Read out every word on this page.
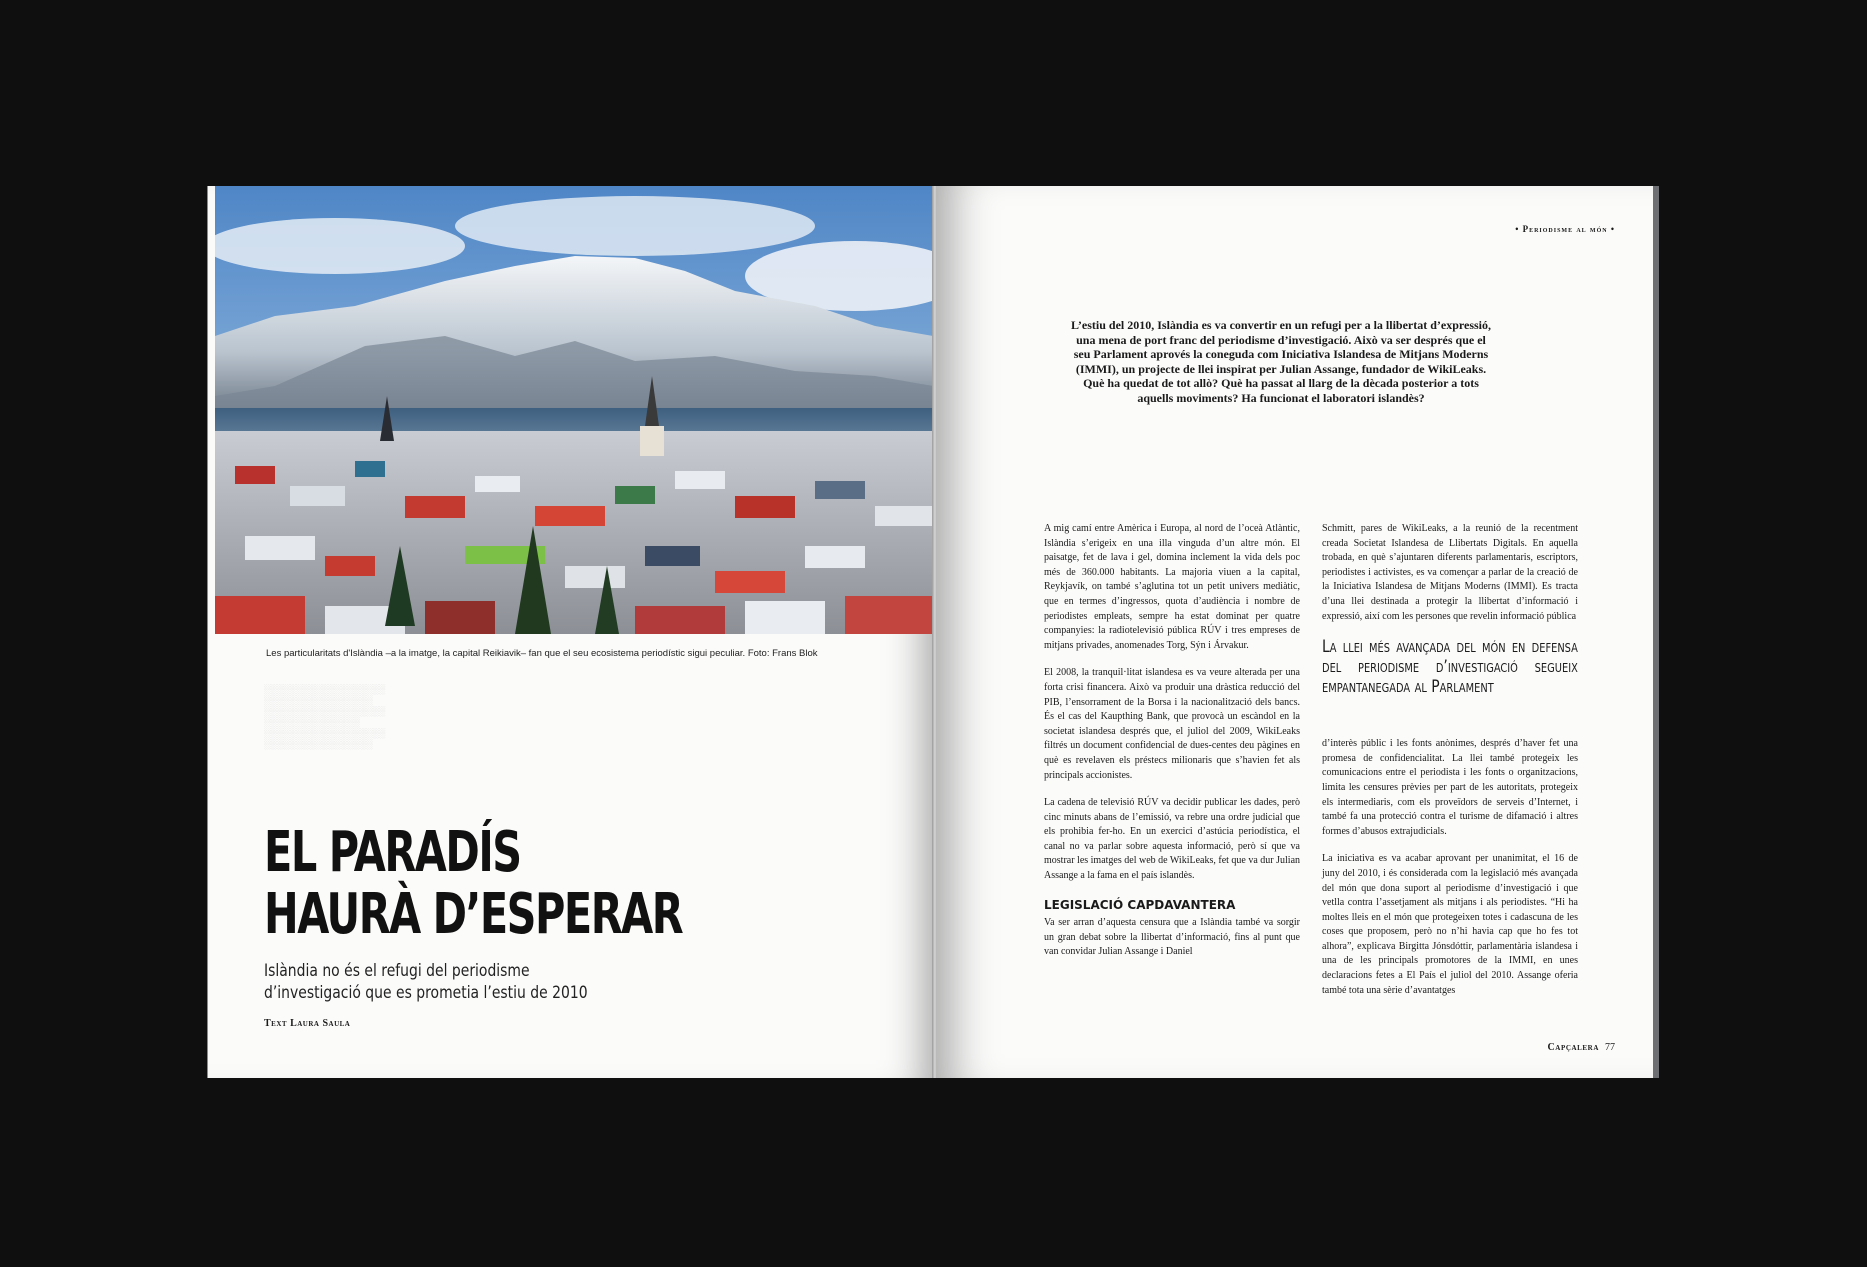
Les particularitats d'Islàndia –a la imatge, la capital Reikiavik– fan que el seu ecosistema periodístic sigui peculiar. Foto: Frans Blok
░░░░░░░░░░░░░░░░░░░
░░░░░░░░░░░░░░░░░
░░░░░░░░░░░░░░░░░░░
░░░░░░░░░░░░░░░
░░░░░░░░░░░░░░░░░░░
░░░░░░░░░░░░░░░░░
EL PARADÍS
HAURÀ D’ESPERAR
Islàndia no és el refugi del periodisme d’investigació que es prometia l’estiu de 2010
Text Laura Saula
• Periodisme al món •
L’estiu del 2010, Islàndia es va convertir en un refugi per a la llibertat d’expressió, una mena de port franc del periodisme d’investigació. Això va ser després que el seu Parlament aprovés la coneguda com Iniciativa Islandesa de Mitjans Moderns (IMMI), un projecte de llei inspirat per Julian Assange, fundador de WikiLeaks. Què ha quedat de tot allò? Què ha passat al llarg de la dècada posterior a tots aquells moviments? Ha funcionat el laboratori islandès?

A mig camí entre Amèrica i Europa, al nord de l’oceà Atlàntic, Islàndia s’erigeix en una illa vinguda d’un altre món. El paisatge, fet de lava i gel, domina inclement la vida dels poc més de 360.000 habitants. La majoria viuen a la capital, Reykjavík, on també s’aglutina tot un petit univers mediàtic, que en termes d’ingressos, quota d’audiència i nombre de periodistes empleats, sempre ha estat dominat per quatre companyies: la radiotelevisió pública RÚV i tres empreses de mitjans privades, anomenades Torg, Sýn i Árvakur.

El 2008, la tranquil·litat islandesa es va veure alterada per una forta crisi financera. Això va produir una dràstica reducció del PIB, l’ensorrament de la Borsa i la nacionalització dels bancs. És el cas del Kaupthing Bank, que provocà un escàndol en la societat islandesa després que, el juliol del 2009, WikiLeaks filtrés un document confidencial de dues-centes deu pàgines en què es revelaven els préstecs milionaris que s’havien fet als principals accionistes.

La cadena de televisió RÚV va decidir publicar les dades, però cinc minuts abans de l’emissió, va rebre una ordre judicial que els prohibia fer-ho. En un exercici d’astúcia periodística, el canal no va parlar sobre aquesta informació, però sí que va mostrar les imatges del web de WikiLeaks, fet que va dur Julian Assange a la fama en el país islandès.

LEGISLACIÓ CAPDAVANTERA

Va ser arran d’aquesta censura que a Islàndia també va sorgir un gran debat sobre la llibertat d’informació, fins al punt que van convidar Julian Assange i Daniel

Schmitt, pares de WikiLeaks, a la reunió de la recentment creada Societat Islandesa de Llibertats Digitals. En aquella trobada, en què s’ajuntaren diferents parlamentaris, escriptors, periodistes i activistes, es va començar a parlar de la creació de la Iniciativa Islandesa de Mitjans Moderns (IMMI). Es tracta d’una llei destinada a protegir la llibertat d’informació i expressió, així com les persones que revelin informació pública

La llei més avançada del món en defensa del periodisme d’investigació segueix empantanegada al Parlament

d’interès públic i les fonts anònimes, després d’haver fet una promesa de confidencialitat. La llei també protegeix les comunicacions entre el periodista i les fonts o organitzacions, limita les censures prèvies per part de les autoritats, protegeix els intermediaris, com els proveïdors de serveis d’Internet, i també fa una protecció contra el turisme de difamació i altres formes d’abusos extrajudicials.

La iniciativa es va acabar aprovant per unanimitat, el 16 de juny del 2010, i és considerada com la legislació més avançada del món que dona suport al periodisme d’investigació i que vetlla contra l’assetjament als mitjans i als periodistes. “Hi ha moltes lleis en el món que protegeixen totes i cadascuna de les coses que proposem, però no n’hi havia cap que ho fes tot alhora”, explicava Birgitta Jónsdóttir, parlamentària islandesa i una de les principals promotores de la IMMI, en unes declaracions fetes a El País el juliol del 2010. Assange oferia també tota una sèrie d’avantatges

Capçalera 77
